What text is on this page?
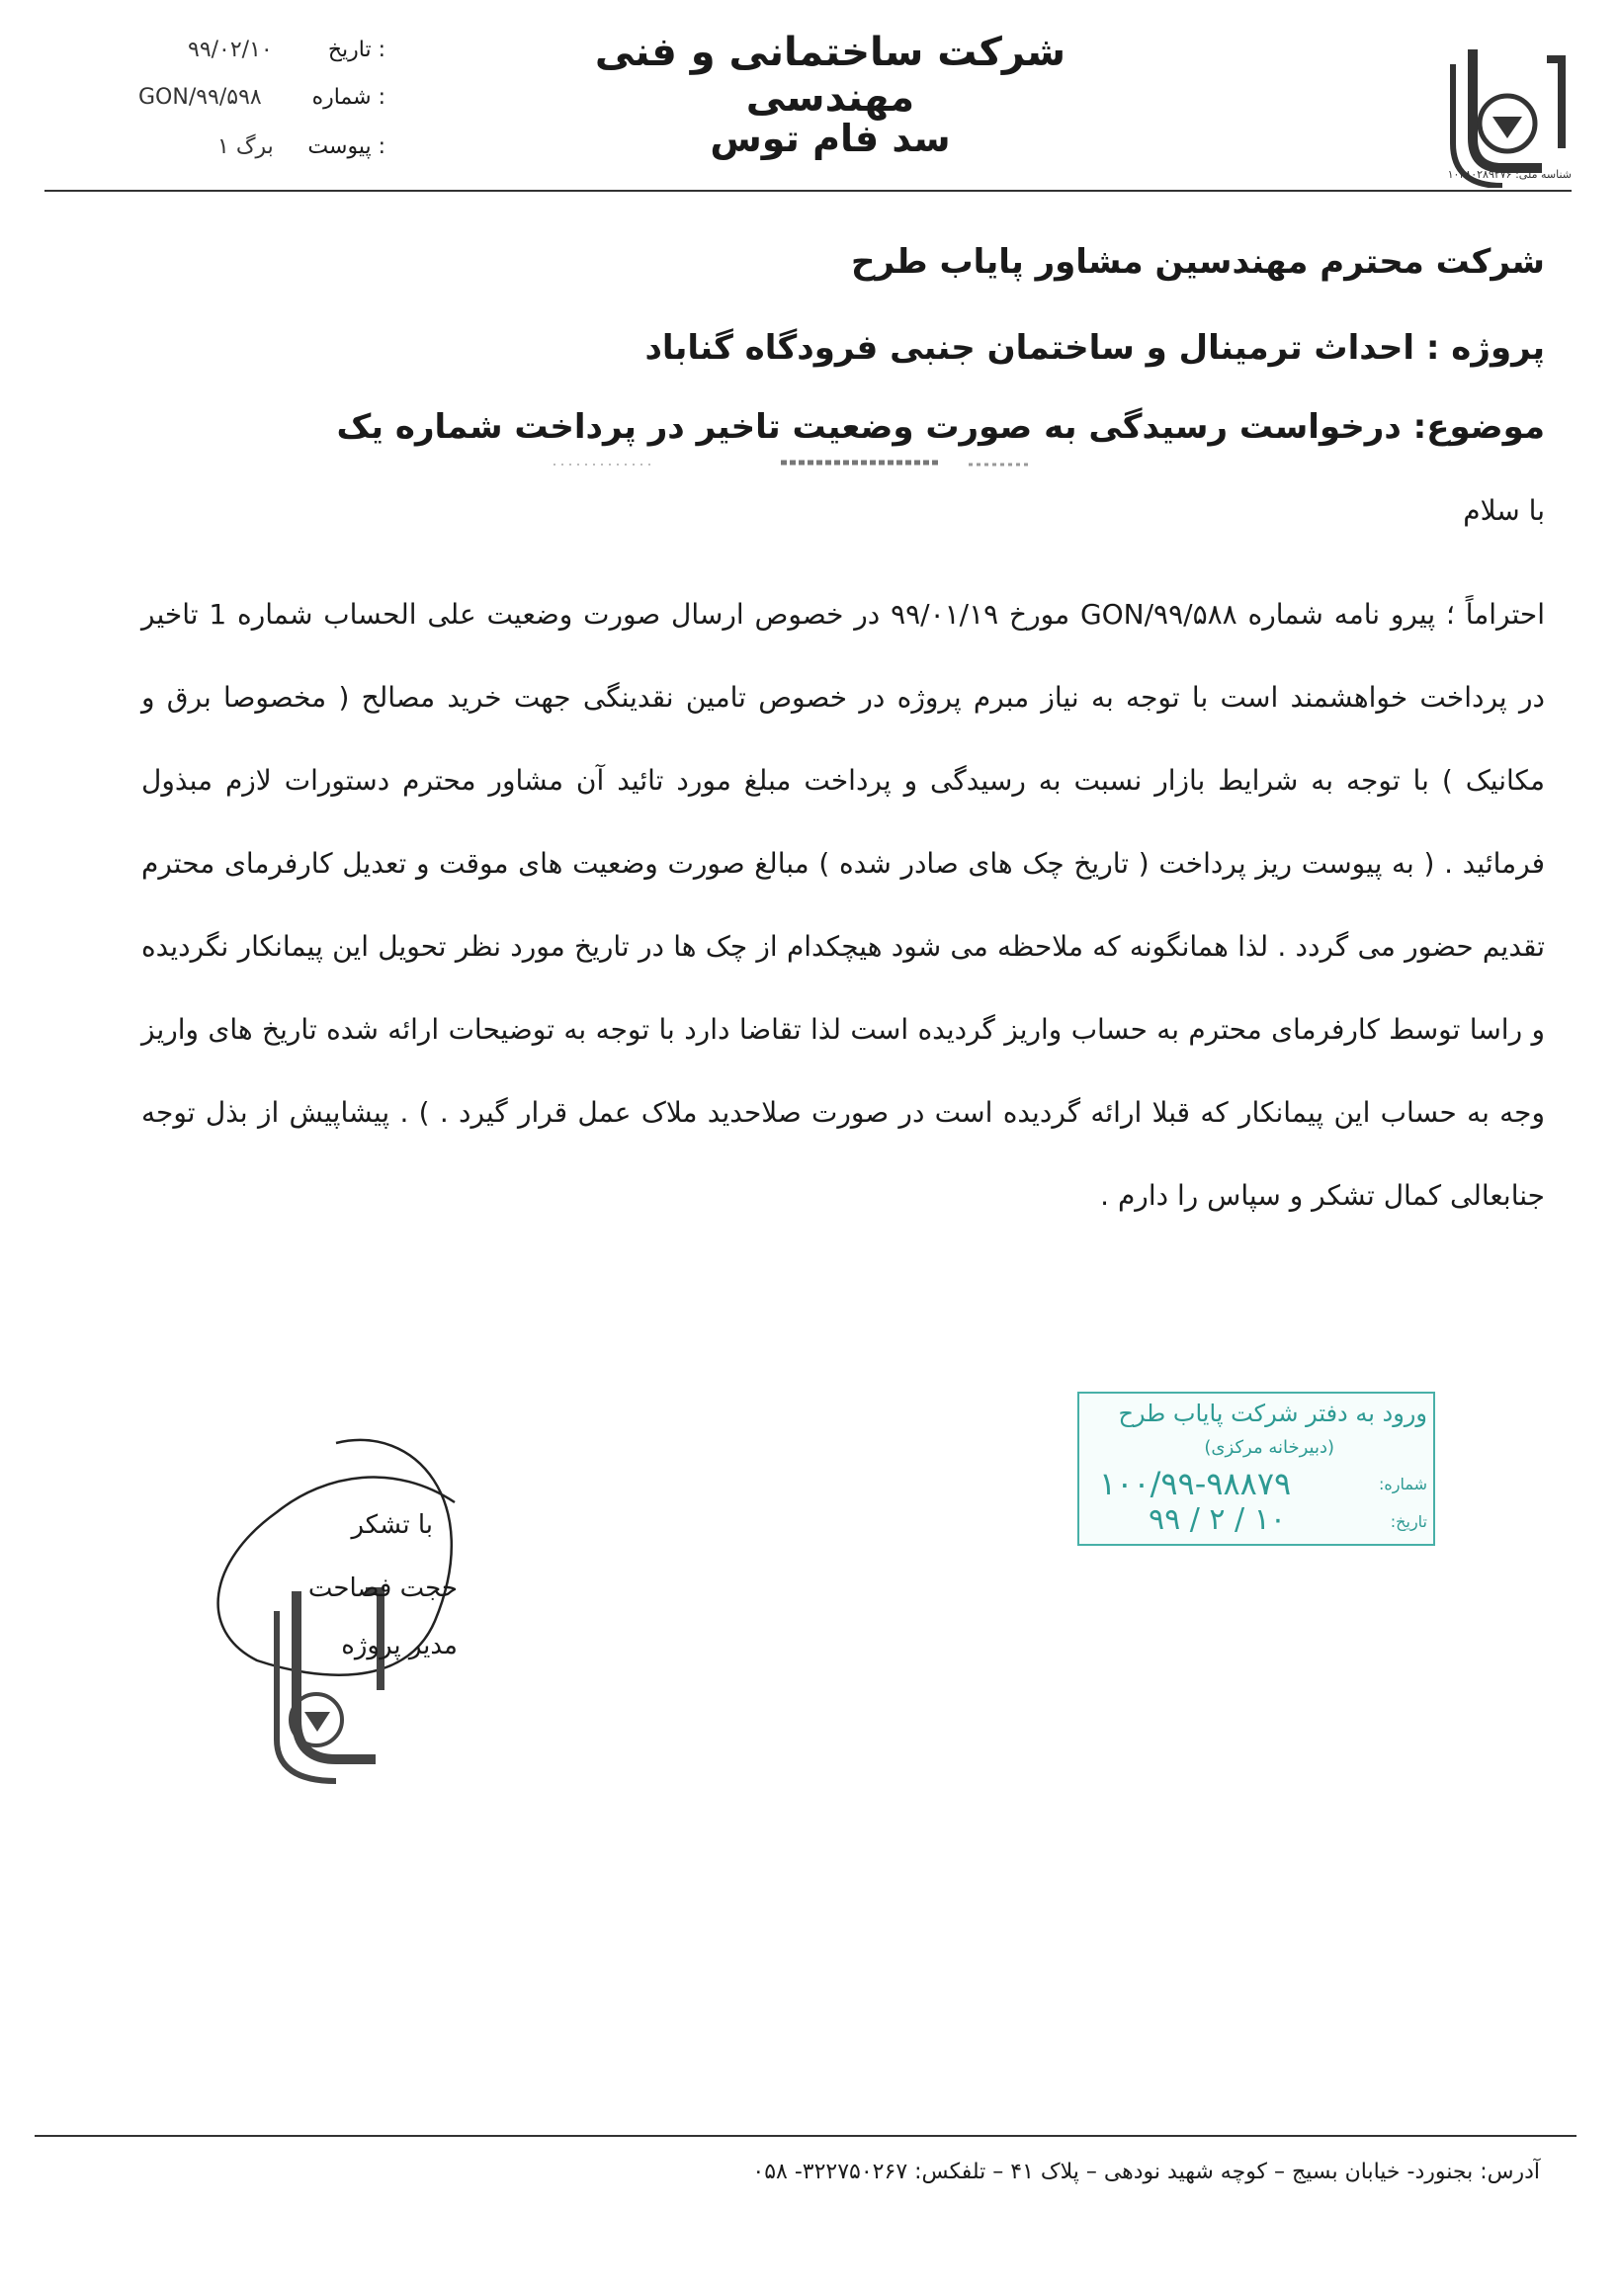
تاریخ :
۹۹/۰۲/۱۰
شماره :
GON/۹۹/۵۹۸
پیوست :
۱ برگ
شرکت ساختمانی و فنی مهندسی
سد فام توس
شناسه ملی: ۱۰۲۸۰۲۸۹۲۷۶
شرکت محترم مهندسین مشاور پایاب طرح
پروژه : احداث ترمینال و ساختمان جنبی فرودگاه گناباد
موضوع: درخواست رسیدگی به صورت وضعیت تاخیر در پرداخت شماره یک
با سلام
احتراماً ؛ پیرو نامه شماره GON/۹۹/۵۸۸ مورخ ۹۹/۰۱/۱۹ در خصوص ارسال صورت وضعیت علی الحساب شماره 1 تاخیر در پرداخت خواهشمند است با توجه به نیاز مبرم پروژه در خصوص تامین نقدینگی جهت خرید مصالح ( مخصوصا برق و مکانیک ) با توجه به شرایط بازار نسبت به رسیدگی و پرداخت مبلغ مورد تائید آن مشاور محترم دستورات لازم مبذول فرمائید . ( به پیوست ریز پرداخت ( تاریخ چک های صادر شده ) مبالغ صورت وضعیت های موقت و تعدیل کارفرمای محترم تقدیم حضور می گردد . لذا همانگونه که ملاحظه می شود هیچکدام از چک ها در تاریخ مورد نظر تحویل این پیمانکار نگردیده و راسا توسط کارفرمای محترم به حساب واریز گردیده است لذا تقاضا دارد با توجه به توضیحات ارائه شده تاریخ های واریز وجه به حساب این پیمانکار که قبلا ارائه گردیده است در صورت صلاحدید ملاک عمل قرار گیرد . ) . پیشاپیش از بذل توجه جنابعالی کمال تشکر و سپاس را دارم .
با تشکر
حجت فصاحت
مدیر پروژه
ورود به دفتر شرکت پایاب طرح
(دبیرخانه مرکزی)
شماره:
۱۰۰/۹۹-۹۸۸۷۹
تاریخ:
۹۹ / ۲ / ۱۰
آدرس: بجنورد- خیابان بسیج – کوچه شهید نودهی – پلاک ۴۱ – تلفکس: ۳۲۲۷۵۰۲۶۷- ۰۵۸
